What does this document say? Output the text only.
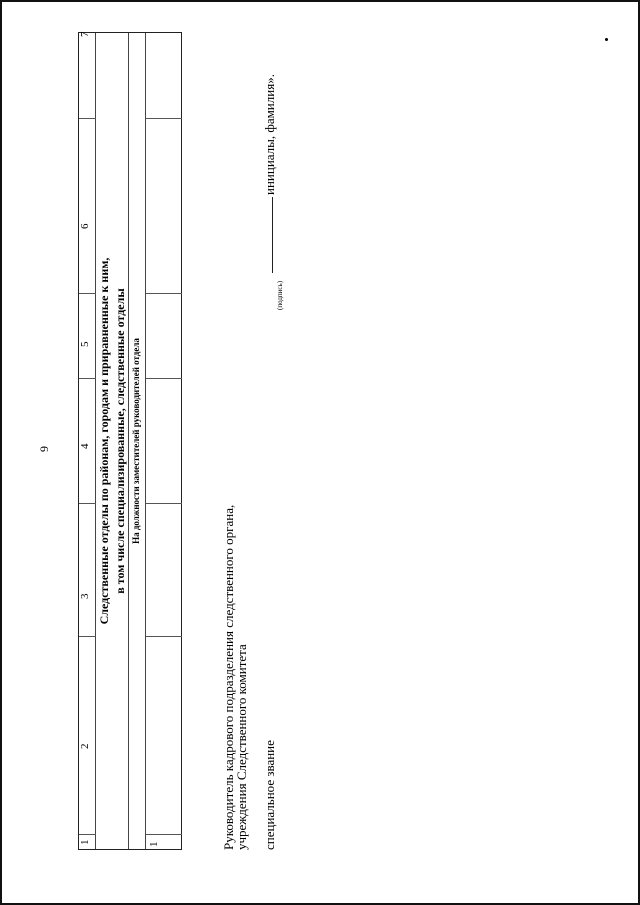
9
1
2
3
4
5
6
7
Следственные отделы по районам, городам и приравненные к ним, в том числе специализированные, следственные отделы На должности заместителей руководителей отдела
1	Руководитель кадрового подразделения следственного органа,
учреждения Следственного комитета специальное звание
(подпись)
инициалы, фамилия».
